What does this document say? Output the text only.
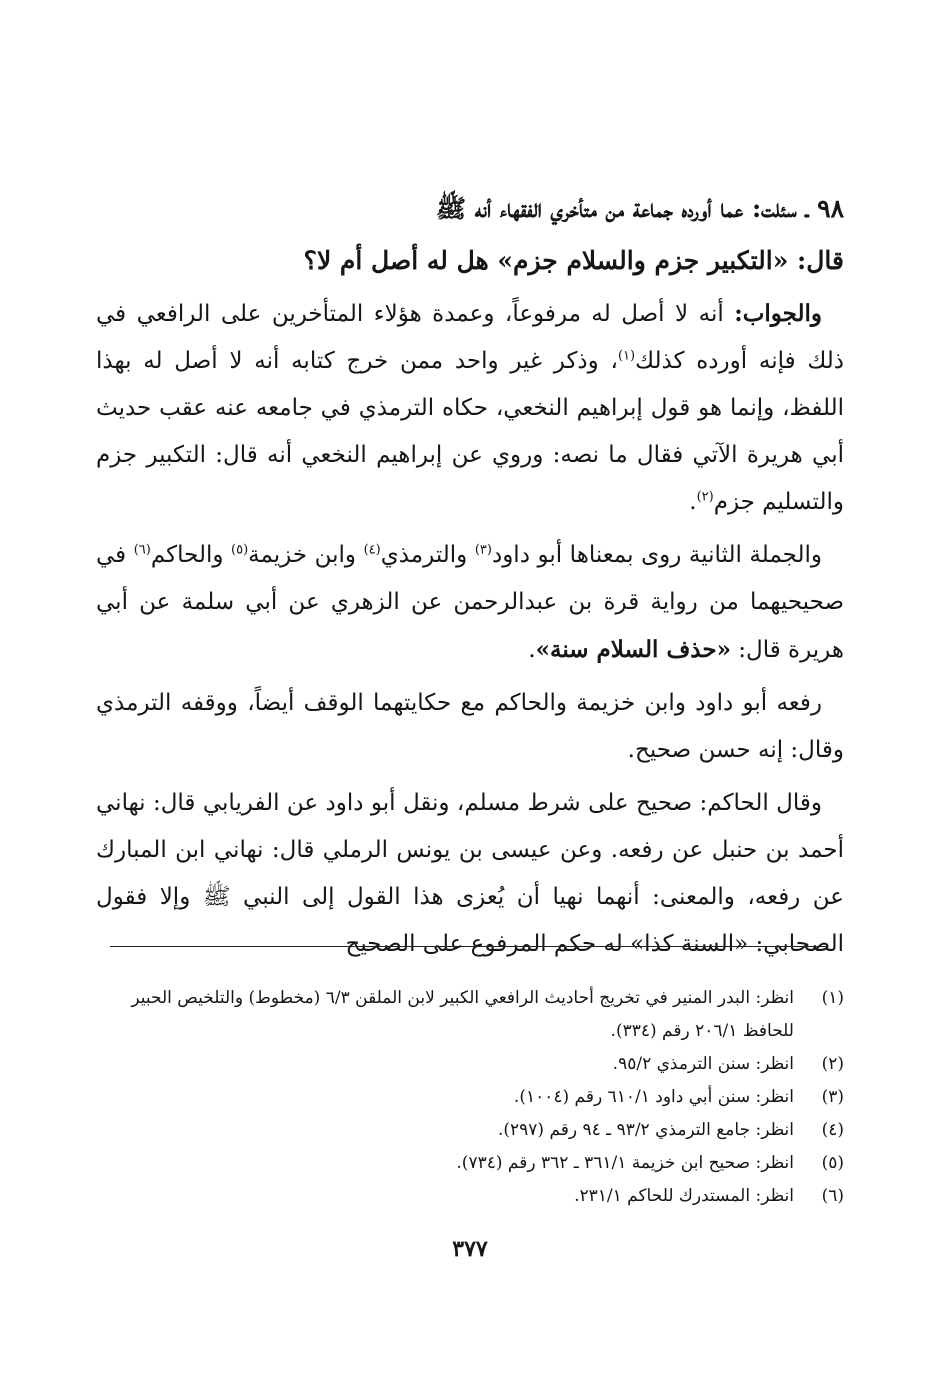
٩٨ ـ سئلت: عما أورده جماعة من متأخري الفقهاء أنه ﷺ
قال: «التكبير جزم والسلام جزم» هل له أصل أم لا؟

والجواب: أنه لا أصل له مرفوعاً، وعمدة هؤلاء المتأخرين على الرافعي في ذلك فإنه أورده كذلك$^{(١)}$، وذكر غير واحد ممن خرج كتابه أنه لا أصل له بهذا اللفظ، وإنما هو قول إبراهيم النخعي، حكاه الترمذي في جامعه عنه عقب حديث أبي هريرة الآتي فقال ما نصه: وروي عن إبراهيم النخعي أنه قال: التكبير جزم والتسليم جزم$^{(٢)}$.

والجملة الثانية روى بمعناها أبو داود$^{(٣)}$ والترمذي$^{(٤)}$ وابن خزيمة$^{(٥)}$ والحاكم$^{(٦)}$ في صحيحيهما من رواية قرة بن عبدالرحمن عن الزهري عن أبي سلمة عن أبي هريرة قال: «حذف السلام سنة».

رفعه أبو داود وابن خزيمة والحاكم مع حكايتهما الوقف أيضاً، ووقفه الترمذي وقال: إنه حسن صحيح.

وقال الحاكم: صحيح على شرط مسلم، ونقل أبو داود عن الفريابي قال: نهاني أحمد بن حنبل عن رفعه. وعن عيسى بن يونس الرملي قال: نهاني ابن المبارك عن رفعه، والمعنى: أنهما نهيا أن يُعزى هذا القول إلى النبي ﷺ وإلا فقول الصحابي: «السنة كذا» له حكم المرفوع على الصحيح

(١)
انظر: البدر المنير في تخريج أحاديث الرافعي الكبير لابن الملقن ٦/٣ (مخطوط) والتلخيص الحبير للحافظ ٢٠٦/١ رقم (٣٣٤).
(٢)
انظر: سنن الترمذي ٩٥/٢.
(٣)
انظر: سنن أبي داود ٦١٠/١ رقم (١٠٠٤).
(٤)
انظر: جامع الترمذي ٩٣/٢ ـ ٩٤ رقم (٢٩٧).
(٥)
انظر: صحيح ابن خزيمة ٣٦١/١ ـ ٣٦٢ رقم (٧٣٤).
(٦)
انظر: المستدرك للحاكم ٢٣١/١.
٣٧٧
